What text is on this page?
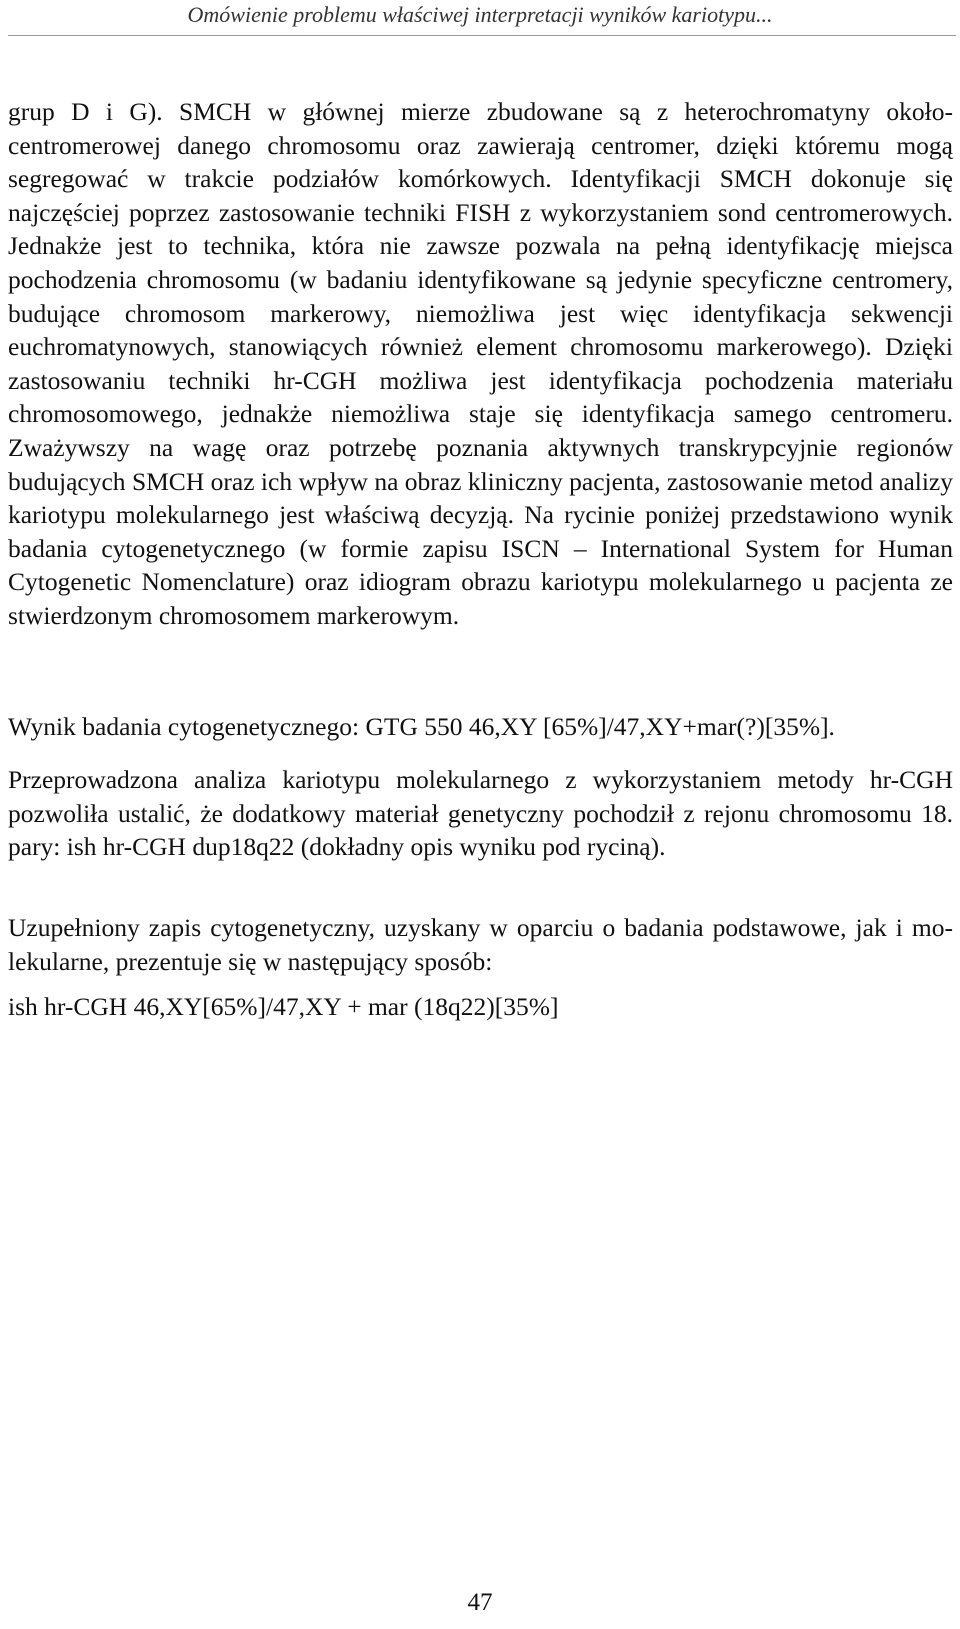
Omówienie problemu właściwej interpretacji wyników kariotypu...

grup D i G). SMCH w głównej mierze zbudowane są z heterochromatyny około-centromerowej danego chromosomu oraz zawierają centromer, dzięki któremu mogą segregować w trakcie podziałów komórkowych. Identyfikacji SMCH dokonuje się najczęściej poprzez zastosowanie techniki FISH z wykorzystaniem sond centromerowych. Jednakże jest to technika, która nie zawsze pozwala na pełną identyfikację miejsca pochodzenia chromosomu (w badaniu identyfikowane są jedynie specyficzne centromery, budujące chromosom markerowy, niemożliwa jest więc identyfikacja sekwencji euchromatynowych, stanowiących również element chromosomu markerowego). Dzięki zastosowaniu techniki hr-CGH możliwa jest identyfikacja pochodzenia materiału chromosomowego, jednakże niemożliwa staje się identyfikacja samego centromeru. Zważywszy na wagę oraz potrzebę poznania aktywnych transkrypcyjnie regionów budujących SMCH oraz ich wpływ na obraz kliniczny pacjenta, zastosowanie metod analizy kariotypu molekularnego jest właściwą decyzją. Na rycinie poniżej przedstawiono wynik badania cytogenetycznego (w formie zapisu ISCN – International System for Human Cytogenetic Nomenclature) oraz idiogram obrazu kariotypu molekularnego u pacjenta ze stwierdzonym chromosomem markerowym.

Wynik badania cytogenetycznego: GTG 550 46,XY [65%]/47,XY+mar(?)[35%].

Przeprowadzona analiza kariotypu molekularnego z wykorzystaniem metody hr-CGH pozwoliła ustalić, że dodatkowy materiał genetyczny pochodził z rejonu chromosomu 18. pary: ish hr-CGH dup18q22 (dokładny opis wyniku pod ryciną).

Uzupełniony zapis cytogenetyczny, uzyskany w oparciu o badania podstawowe, jak i mo-lekularne, prezentuje się w następujący sposób:

ish hr-CGH 46,XY[65%]/47,XY + mar (18q22)[35%]

47
